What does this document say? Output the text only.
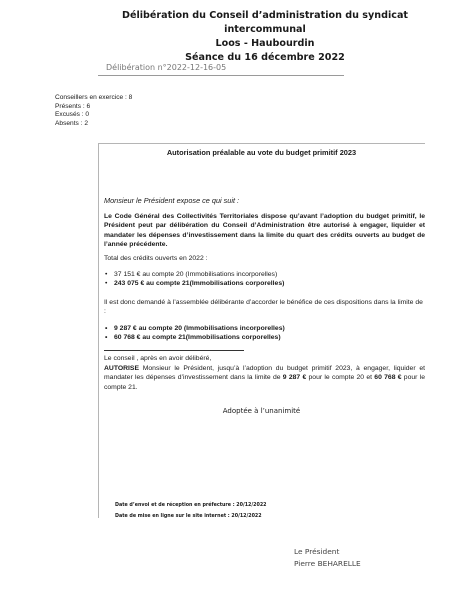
Délibération du Conseil d’administration du syndicat intercommunal
Loos - Haubourdin
Séance du 16 décembre 2022
Délibération n°2022-12-16-05
Conseillers en exercice : 8
Présents : 6
Excusés : 0
Absents : 2
Autorisation préalable au vote du budget primitif 2023
Monsieur le Président expose ce qui suit :
Le Code Général des Collectivités Territoriales dispose qu’avant l’adoption du budget primitif, le Président peut par délibération du Conseil d’Administration être autorisé à engager, liquider et mandater les dépenses d’investissement dans la limite du quart des crédits ouverts au budget de l’année précédente.
Total des crédits ouverts en 2022 :
• 37 151 € au compte 20 (Immobilisations incorporelles)
• 243 075 € au compte 21(Immobilisations corporelles)
Il est donc demandé à l’assemblée délibérante d’accorder le bénéfice de ces dispositions dans la limite de :
• 9 287 € au compte 20 (Immobilisations incorporelles)
• 60 768 € au compte 21(Immobilisations corporelles)
Le conseil , après en avoir délibéré,
AUTORISE Monsieur le Président, jusqu’à l’adoption du budget primitif 2023, à engager, liquider et mandater les dépenses d’investissement dans la limite de 9 287 € pour le compte 20 et 60 768 € pour le compte 21.
Adoptée à l’unanimité
Date d’envoi et de réception en préfecture : 20/12/2022
Date de mise en ligne sur le site internet : 20/12/2022
Le Président
Pierre BEHARELLE
